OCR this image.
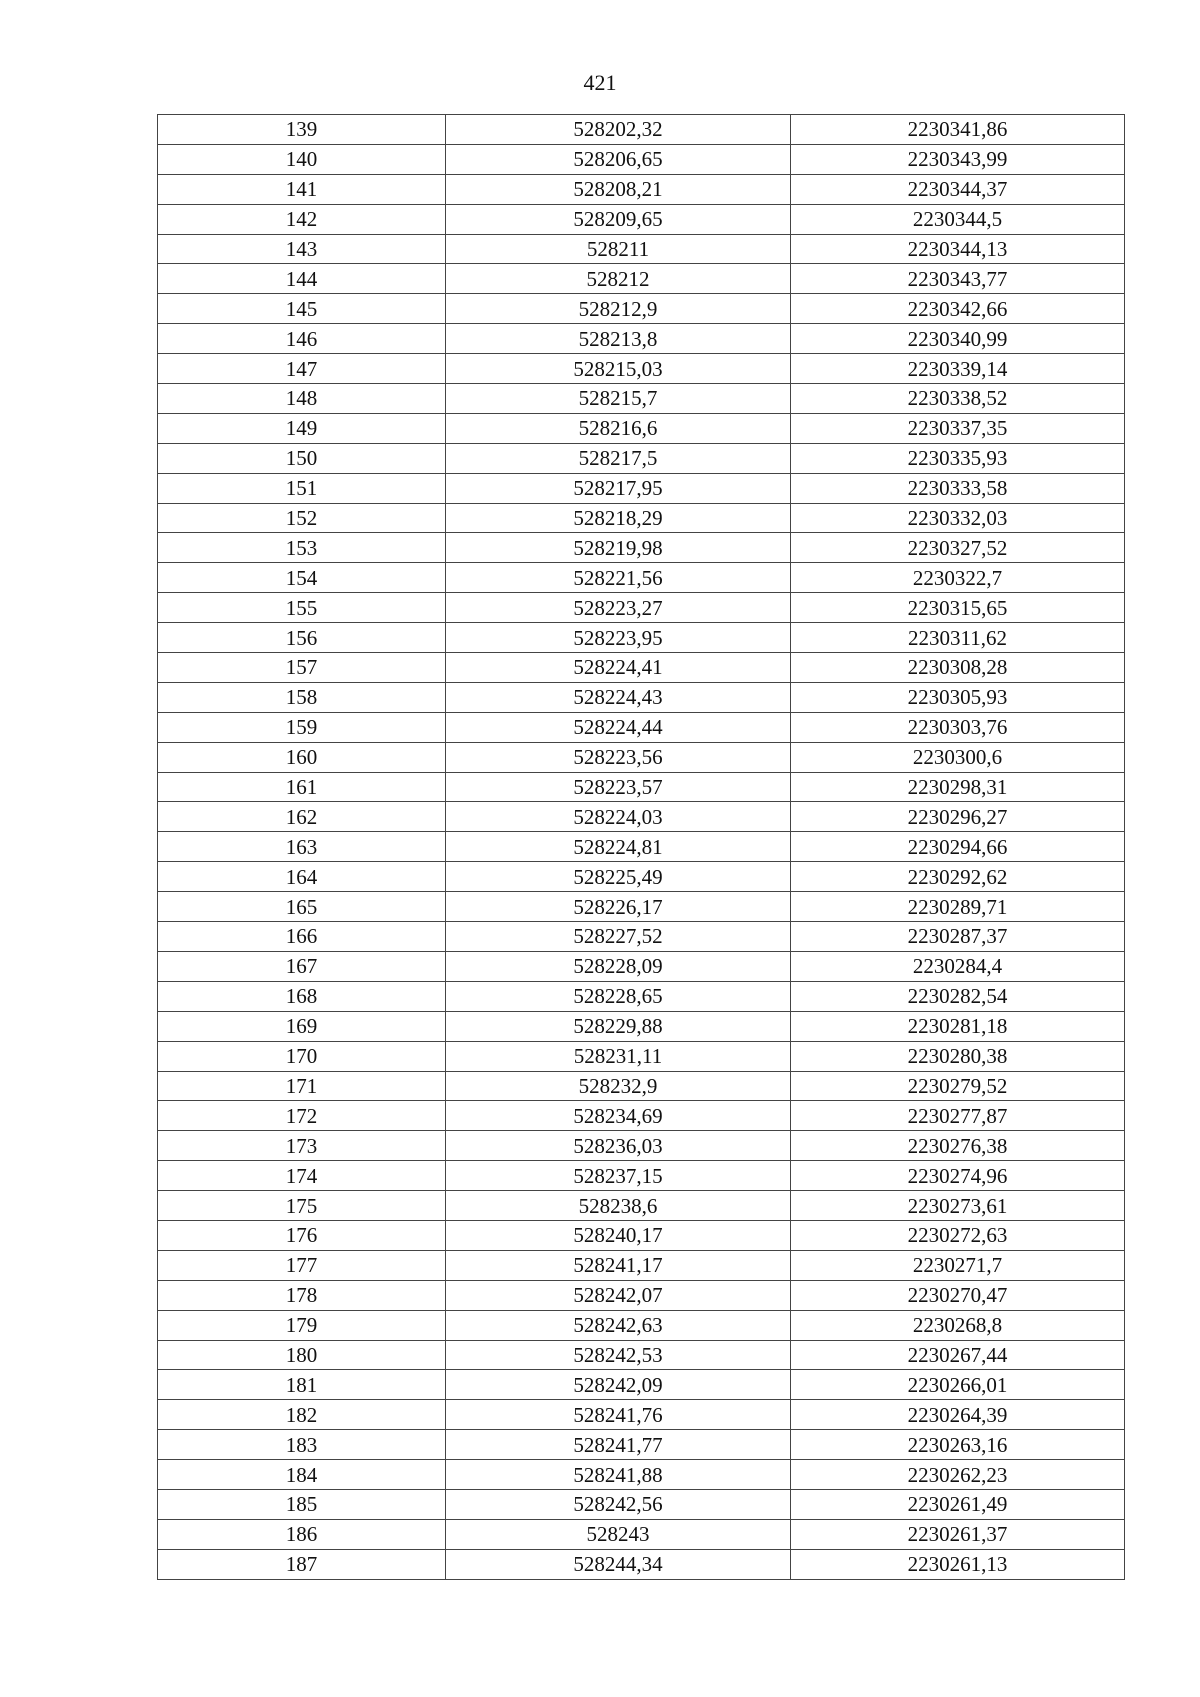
421
139	528202,32	2230341,86
140	528206,65	2230343,99
141	528208,21	2230344,37
142	528209,65	2230344,5
143	528211	2230344,13
144	528212	2230343,77
145	528212,9	2230342,66
146	528213,8	2230340,99
147	528215,03	2230339,14
148	528215,7	2230338,52
149	528216,6	2230337,35
150	528217,5	2230335,93
151	528217,95	2230333,58
152	528218,29	2230332,03
153	528219,98	2230327,52
154	528221,56	2230322,7
155	528223,27	2230315,65
156	528223,95	2230311,62
157	528224,41	2230308,28
158	528224,43	2230305,93
159	528224,44	2230303,76
160	528223,56	2230300,6
161	528223,57	2230298,31
162	528224,03	2230296,27
163	528224,81	2230294,66
164	528225,49	2230292,62
165	528226,17	2230289,71
166	528227,52	2230287,37
167	528228,09	2230284,4
168	528228,65	2230282,54
169	528229,88	2230281,18
170	528231,11	2230280,38
171	528232,9	2230279,52
172	528234,69	2230277,87
173	528236,03	2230276,38
174	528237,15	2230274,96
175	528238,6	2230273,61
176	528240,17	2230272,63
177	528241,17	2230271,7
178	528242,07	2230270,47
179	528242,63	2230268,8
180	528242,53	2230267,44
181	528242,09	2230266,01
182	528241,76	2230264,39
183	528241,77	2230263,16
184	528241,88	2230262,23
185	528242,56	2230261,49
186	528243	2230261,37
187	528244,34	2230261,13
